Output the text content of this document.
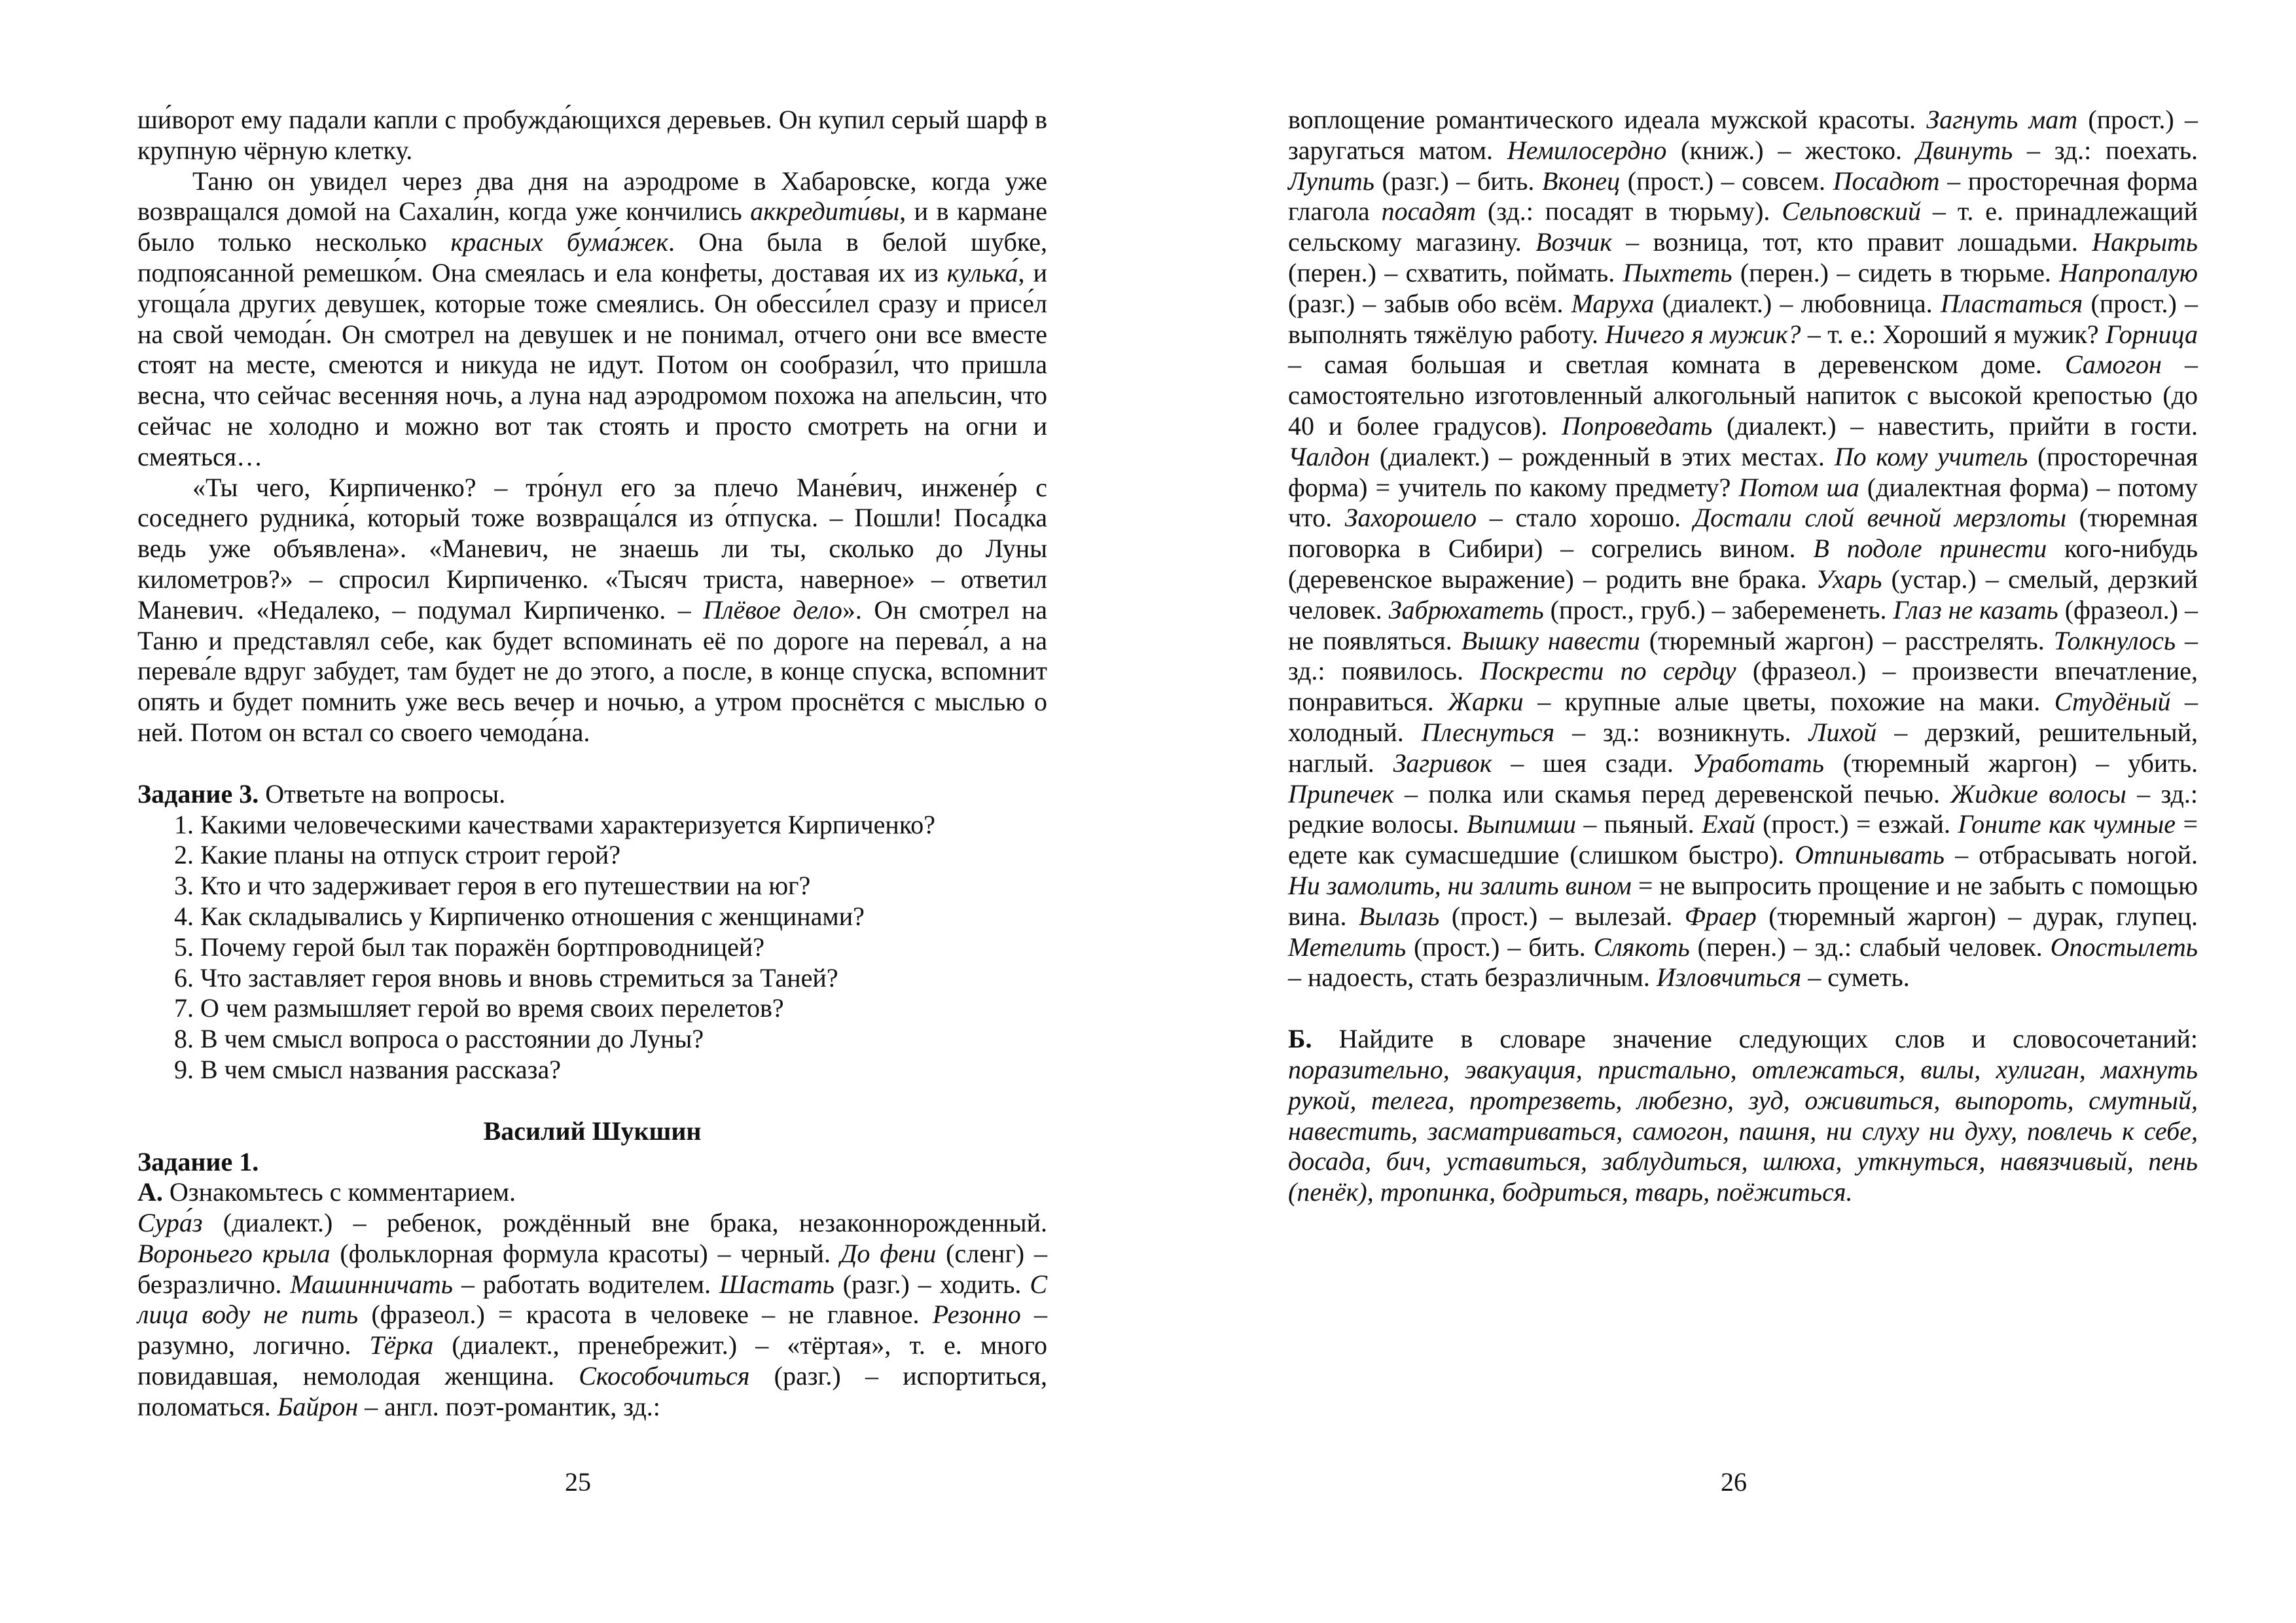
ши́ворот ему падали капли с пробужда́ющихся деревьев. Он купил серый шарф в крупную чёрную клетку.

Таню он увидел через два дня на аэродроме в Хабаровске, когда уже возвращался домой на Сахали́н, когда уже кончились аккредити́вы, и в кармане было только несколько красных бума́жек. Она была в белой шубке, подпоясанной ремешко́м. Она смеялась и ела конфеты, доставая их из кулька́, и угоща́ла других девушек, которые тоже смеялись. Он обесси́лел сразу и присе́л на свой чемода́н. Он смотрел на девушек и не понимал, отчего они все вместе стоят на месте, смеются и никуда не идут. Потом он сообрази́л, что пришла весна, что сейчас весенняя ночь, а луна над аэродромом похожа на апельсин, что сейчас не холодно и можно вот так стоять и просто смотреть на огни и смеяться…

«Ты чего, Кирпиченко? – тро́нул его за плечо Мане́вич, инжене́р с соседнего рудника́, который тоже возвраща́лся из о́тпуска. – Пошли! Поса́дка ведь уже объявлена». «Маневич, не знаешь ли ты, сколько до Луны километров?» – спросил Кирпиченко. «Тысяч триста, наверное» – ответил Маневич. «Недалеко, – подумал Кирпиченко. – Плёвое дело». Он смотрел на Таню и представлял себе, как будет вспоминать её по дороге на перева́л, а на перева́ле вдруг забудет, там будет не до этого, а после, в конце спуска, вспомнит опять и будет помнить уже весь вечер и ночью, а утром проснётся с мыслью о ней. Потом он встал со своего чемода́на.

Задание 3. Ответьте на вопросы.

1. Какими человеческими качествами характеризуется Кирпиченко?
2. Какие планы на отпуск строит герой?
3. Кто и что задерживает героя в его путешествии на юг?
4. Как складывались у Кирпиченко отношения с женщинами?
5. Почему герой был так поражён бортпроводницей?
6. Что заставляет героя вновь и вновь стремиться за Таней?
7. О чем размышляет герой во время своих перелетов?
8. В чем смысл вопроса о расстоянии до Луны?
9. В чем смысл названия рассказа?

Василий Шукшин

Задание 1.

А. Ознакомьтесь с комментарием.

Сура́з (диалект.) – ребенок, рождённый вне брака, незаконнорожденный. Вороньего крыла (фольклорная формула красоты) – черный. До фени (сленг) – безразлично. Машинничать – работать водителем. Шастать (разг.) – ходить. С лица воду не пить (фразеол.) = красота в человеке – не главное. Резонно – разумно, логично. Тёрка (диалект., пренебрежит.) – «тёртая», т. е. много повидавшая, немолодая женщина. Скособочиться (разг.) – испортиться, поломаться. Байрон – англ. поэт-романтик, зд.:

25

воплощение романтического идеала мужской красоты. Загнуть мат (прост.) – заругаться матом. Немилосердно (книж.) – жестоко. Двинуть – зд.: поехать. Лупить (разг.) – бить. Вконец (прост.) – совсем. Посадют – просторечная форма глагола посадят (зд.: посадят в тюрьму). Сельповский – т. е. принадлежащий сельскому магазину. Возчик – возница, тот, кто правит лошадьми. Накрыть (перен.) – схватить, поймать. Пыхтеть (перен.) – сидеть в тюрьме. Напропалую (разг.) – забыв обо всём. Маруха (диалект.) – любовница. Пластаться (прост.) – выполнять тяжёлую работу. Ничего я мужик? – т. е.: Хороший я мужик? Горница – самая большая и светлая комната в деревенском доме. Самогон – самостоятельно изготовленный алкогольный напиток с высокой крепостью (до 40 и более градусов). Попроведать (диалект.) – навестить, прийти в гости. Чалдон (диалект.) – рожденный в этих местах. По кому учитель (просторечная форма) = учитель по какому предмету? Потом ша (диалектная форма) – потому что. Захорошело – стало хорошо. Достали слой вечной мерзлоты (тюремная поговорка в Сибири) – согрелись вином. В подоле принести кого-нибудь (деревенское выражение) – родить вне брака. Ухарь (устар.) – смелый, дерзкий человек. Забрюхатеть (прост., груб.) – забеременеть. Глаз не казать (фразеол.) – не появляться. Вышку навести (тюремный жаргон) – расстрелять. Толкнулось – зд.: появилось. Поскрести по сердцу (фразеол.) – произвести впечатление, понравиться. Жарки – крупные алые цветы, похожие на маки. Студёный – холодный. Плеснуться – зд.: возникнуть. Лихой – дерзкий, решительный, наглый. Загривок – шея сзади. Уработать (тюремный жаргон) – убить. Припечек – полка или скамья перед деревенской печью. Жидкие волосы – зд.: редкие волосы. Выпимши – пьяный. Ехай (прост.) = езжай. Гоните как чумные = едете как сумасшедшие (слишком быстро). Отпинывать – отбрасывать ногой. Ни замолить, ни залить вином = не выпросить прощение и не забыть с помощью вина. Вылазь (прост.) – вылезай. Фраер (тюремный жаргон) – дурак, глупец. Метелить (прост.) – бить. Слякоть (перен.) – зд.: слабый человек. Опостылеть – надоесть, стать безразличным. Изловчиться – суметь.

Б. Найдите в словаре значение следующих слов и словосочетаний: поразительно, эвакуация, пристально, отлежаться, вилы, хулиган, махнуть рукой, телега, протрезветь, любезно, зуд, оживиться, выпороть, смутный, навестить, засматриваться, самогон, пашня, ни слуху ни духу, повлечь к себе, досада, бич, уставиться, заблудиться, шлюха, уткнуться, навязчивый, пень (пенёк), тропинка, бодриться, тварь, поёжиться.

26
